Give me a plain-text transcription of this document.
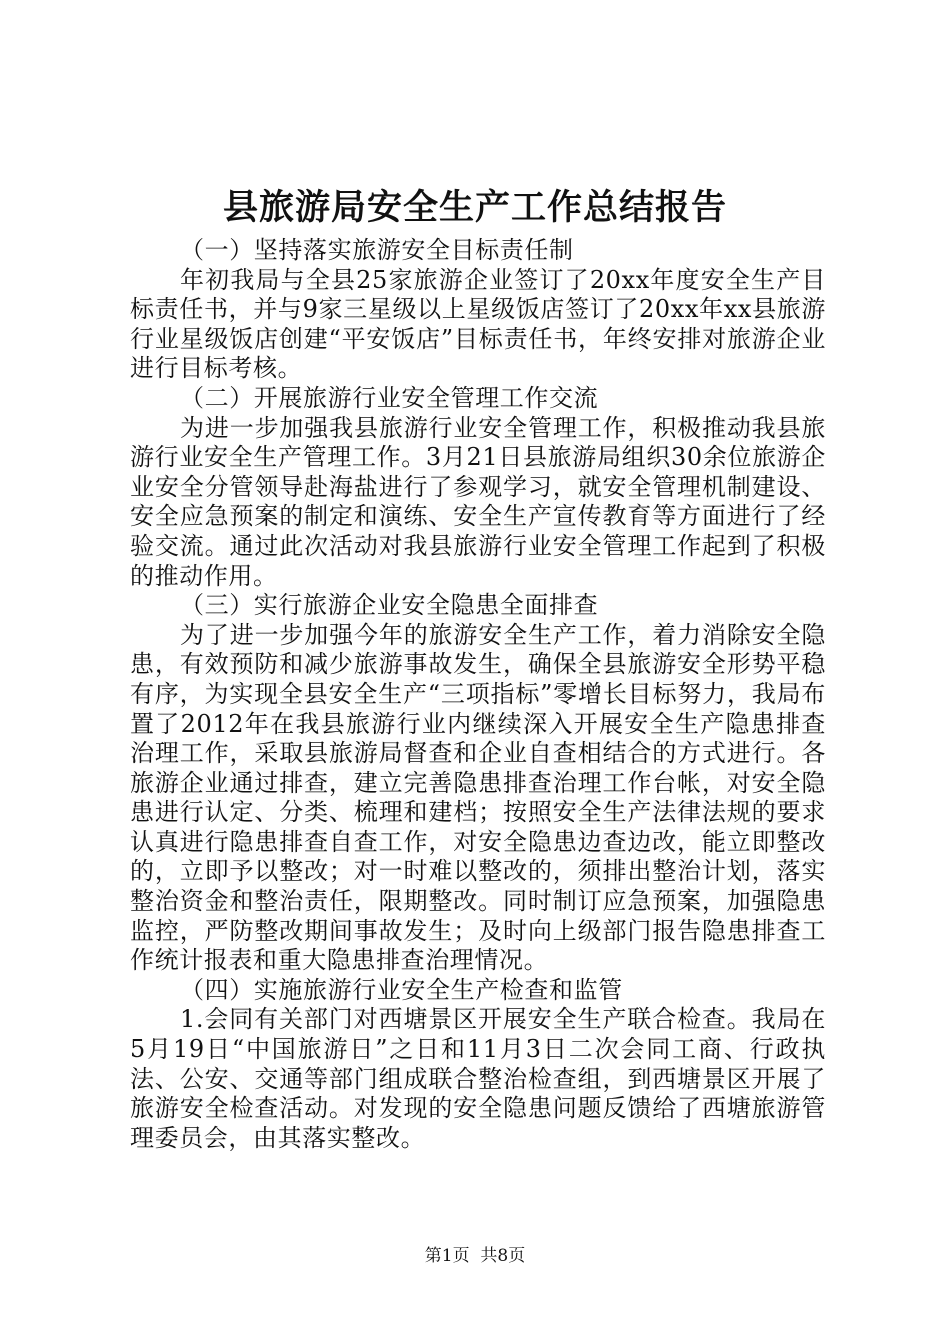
县旅游局安全生产工作总结报告

（一）坚持落实旅游安全目标责任制

年初我局与全县25家旅游企业签订了20xx年度安全生产目标责任书，并与9家三星级以上星级饭店签订了20xx年xx县旅游行业星级饭店创建“平安饭店”目标责任书，年终安排对旅游企业进行目标考核。

（二）开展旅游行业安全管理工作交流

为进一步加强我县旅游行业安全管理工作，积极推动我县旅游行业安全生产管理工作。3月21日县旅游局组织30余位旅游企业安全分管领导赴海盐进行了参观学习，就安全管理机制建设、安全应急预案的制定和演练、安全生产宣传教育等方面进行了经验交流。通过此次活动对我县旅游行业安全管理工作起到了积极的推动作用。

（三）实行旅游企业安全隐患全面排查

为了进一步加强今年的旅游安全生产工作，着力消除安全隐患，有效预防和减少旅游事故发生，确保全县旅游安全形势平稳有序，为实现全县安全生产“三项指标”零增长目标努力，我局布置了2012年在我县旅游行业内继续深入开展安全生产隐患排查治理工作，采取县旅游局督查和企业自查相结合的方式进行。各旅游企业通过排查，建立完善隐患排查治理工作台帐，对安全隐患进行认定、分类、梳理和建档；按照安全生产法律法规的要求认真进行隐患排查自查工作，对安全隐患边查边改，能立即整改的，立即予以整改；对一时难以整改的，须排出整治计划，落实整治资金和整治责任，限期整改。同时制订应急预案，加强隐患监控，严防整改期间事故发生；及时向上级部门报告隐患排查工作统计报表和重大隐患排查治理情况。

（四）实施旅游行业安全生产检查和监管

1.会同有关部门对西塘景区开展安全生产联合检查。我局在5月19日“中国旅游日”之日和11月3日二次会同工商、行政执法、公安、交通等部门组成联合整治检查组，到西塘景区开展了旅游安全检查活动。对发现的安全隐患问题反馈给了西塘旅游管理委员会，由其落实整改。

第1页  共8页
